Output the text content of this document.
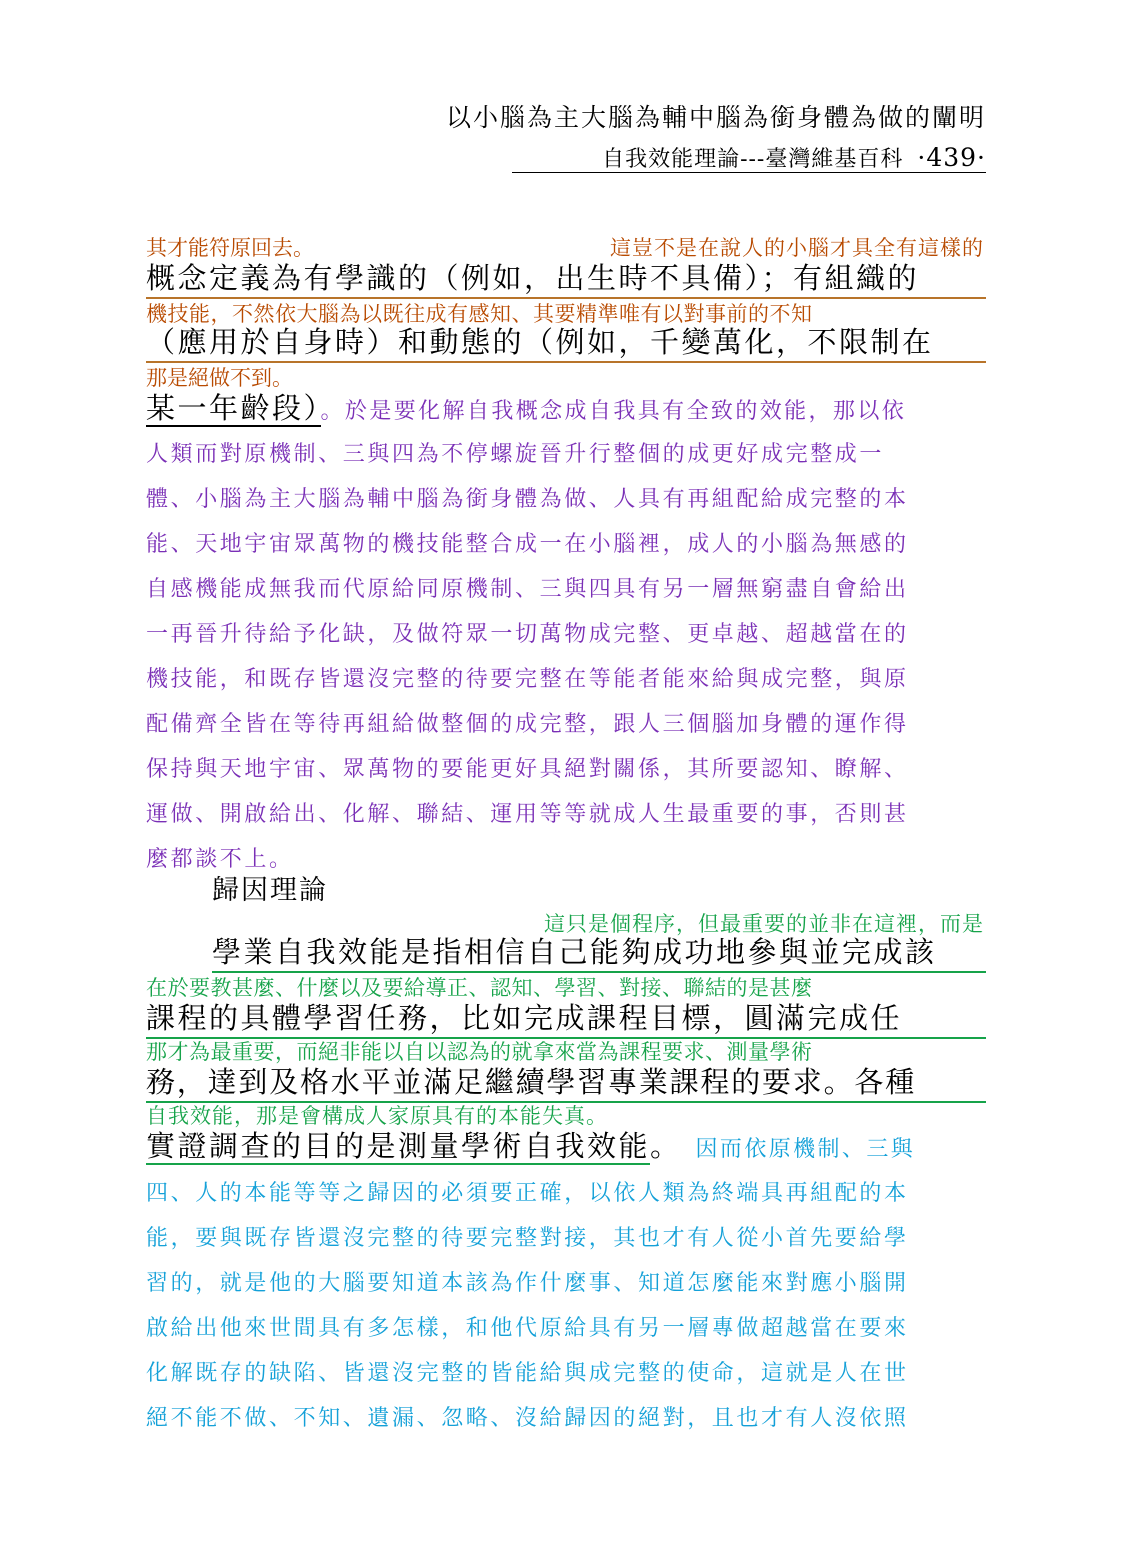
以小腦為主大腦為輔中腦為銜身體為做的闡明
自我效能理論---臺灣維基百科 ·439·
其才能符原回去。	這豈不是在說人的小腦才具全有這樣的
概念定義為有學識的（例如，出生時不具備）；有組織的
機技能，不然依大腦為以既往成有感知、其要精準唯有以對事前的不知
（應用於自身時）和動態的（例如，千變萬化，不限制在
那是絕做不到。
某一年齡段）。於是要化解自我概念成自我具有全致的效能，那以依
人類而對原機制、三與四為不停螺旋晉升行整個的成更好成完整成一
體、小腦為主大腦為輔中腦為銜身體為做、人具有再組配給成完整的本
能、天地宇宙眾萬物的機技能整合成一在小腦裡，成人的小腦為無感的
自感機能成無我而代原給同原機制、三與四具有另一層無窮盡自會給出
一再晉升待給予化缺，及做符眾一切萬物成完整、更卓越、超越當在的
機技能，和既存皆還沒完整的待要完整在等能者能來給與成完整，與原
配備齊全皆在等待再組給做整個的成完整，跟人三個腦加身體的運作得
保持與天地宇宙、眾萬物的要能更好具絕對關係，其所要認知、瞭解、
運做、開啟給出、化解、聯結、運用等等就成人生最重要的事，否則甚
麼都談不上。
歸因理論
這只是個程序，但最重要的並非在這裡，而是
學業自我效能是指相信自己能夠成功地參與並完成該
在於要教甚麼、什麼以及要給導正、認知、學習、對接、聯結的是甚麼
課程的具體學習任務，比如完成課程目標，圓滿完成任
那才為最重要，而絕非能以自以認為的就拿來當為課程要求、測量學術
務，達到及格水平並滿足繼續學習專業課程的要求。各種
自我效能，那是會構成人家原具有的本能失真。
實證調查的目的是測量學術自我效能。 因而依原機制、三與
四、人的本能等等之歸因的必須要正確，以依人類為終端具再組配的本
能，要與既存皆還沒完整的待要完整對接，其也才有人從小首先要給學
習的，就是他的大腦要知道本該為作什麼事、知道怎麼能來對應小腦開
啟給出他來世間具有多怎樣，和他代原給具有另一層專做超越當在要來
化解既存的缺陷、皆還沒完整的皆能給與成完整的使命，這就是人在世
絕不能不做、不知、遺漏、忽略、沒給歸因的絕對，且也才有人沒依照
